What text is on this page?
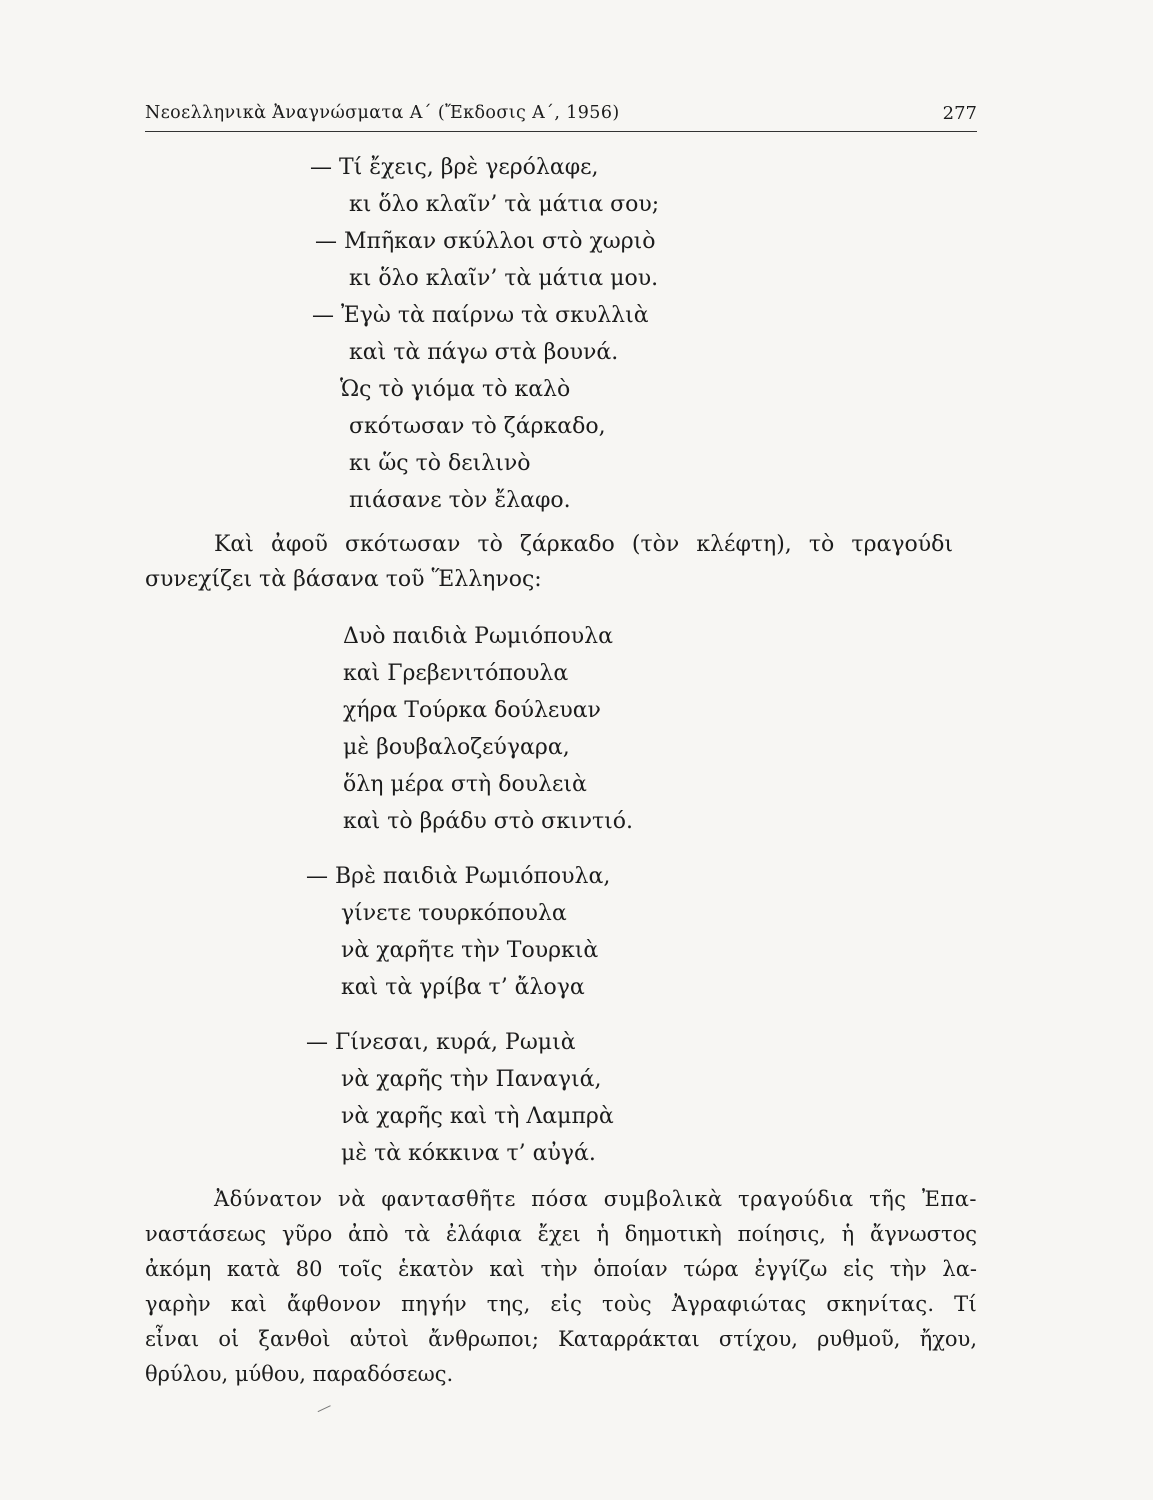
Νεοελληνικὰ Ἀναγνώσματα Α΄ (Ἔκδοσις Α΄, 1956)	277
— Τί ἔχεις, βρὲ γερόλαφε,
κι ὅλο κλαῖν’ τὰ μάτια σου;
— Μπῆκαν σκύλλοι στὸ χωριὸ
κι ὅλο κλαῖν’ τὰ μάτια μου.
— Ἐγὼ τὰ παίρνω τὰ σκυλλιὰ
καὶ τὰ πάγω στὰ βουνά.
Ὡς τὸ γιόμα τὸ καλὸ
σκότωσαν τὸ ζάρκαδο,
κι ὥς τὸ δειλινὸ
πιάσανε τὸν ἔλαφο.
Καὶ ἀφοῦ σκότωσαν τὸ ζάρκαδο (τὸν κλέφτη), τὸ τραγούδι
συνεχίζει τὰ βάσανα τοῦ Ἕλληνος:
Δυὸ παιδιὰ Ρωμιόπουλα
καὶ Γρεβενιτόπουλα
χήρα Τούρκα δούλευαν
μὲ βουβαλοζεύγαρα,
ὅλη μέρα στὴ δουλειὰ
καὶ τὸ βράδυ στὸ σκιντιό.
— Βρὲ παιδιὰ Ρωμιόπουλα,
γίνετε τουρκόπουλα
νὰ χαρῆτε τὴν Τουρκιὰ
καὶ τὰ γρίβα τ’ ἄλογα
— Γίνεσαι, κυρά, Ρωμιὰ
νὰ χαρῆς τὴν Παναγιά,
νὰ χαρῆς καὶ τὴ Λαμπρὰ
μὲ τὰ κόκκινα τ’ αὐγά.
Ἀδύνατον νὰ φαντασθῆτε πόσα συμβολικὰ τραγούδια τῆς Ἐπα-
ναστάσεως γῦρο ἀπὸ τὰ ἐλάφια ἔχει ἡ δημοτικὴ ποίησις, ἡ ἄγνωστος
ἀκόμη κατὰ 80 τοῖς ἑκατὸν καὶ τὴν ὁποίαν τώρα ἐγγίζω εἰς τὴν λα-
γαρὴν καὶ ἄφθονον πηγήν της, εἰς τοὺς Ἀγραφιώτας σκηνίτας. Τί
εἶναι οἱ ξανθοὶ αὐτοὶ ἄνθρωποι; Καταρράκται στίχου, ρυθμοῦ, ἤχου,
θρύλου, μύθου, παραδόσεως.
